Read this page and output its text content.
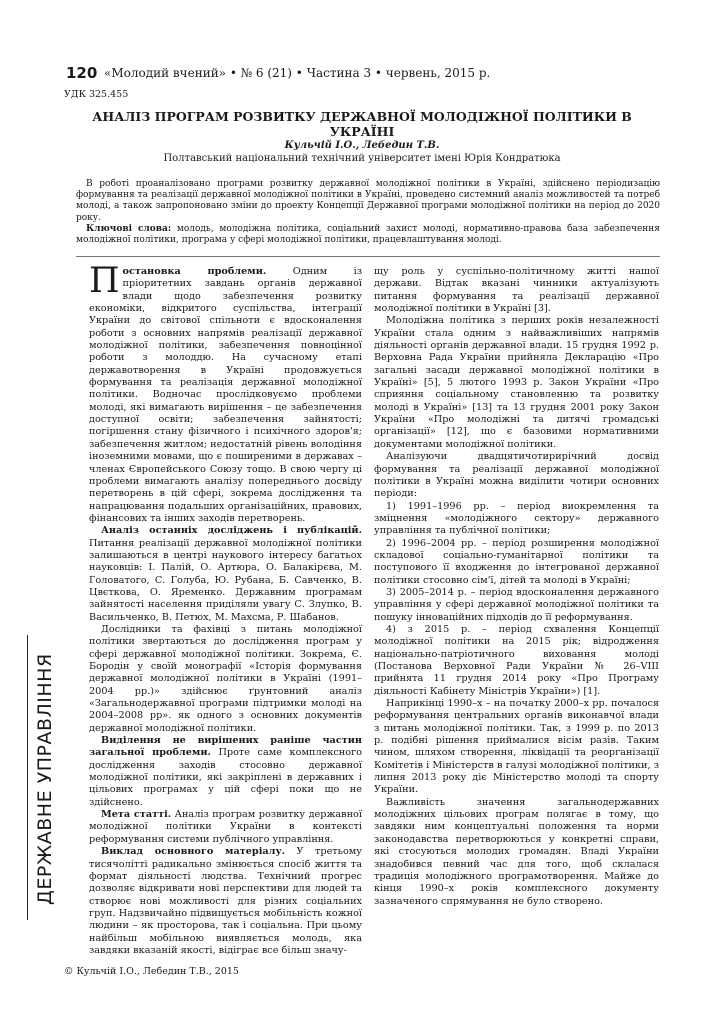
120 «Молодий вчений» • № 6 (21) • Частина 3 • червень, 2015 р.
УДК 325.455
АНАЛІЗ ПРОГРАМ РОЗВИТКУ ДЕРЖАВНОЇ МОЛОДІЖНОЇ ПОЛІТИКИ В УКРАЇНІ
Кульчій І.О., Лебедин Т.В.
Полтавський національний технічний університет імені Юрія Кондратюка
В роботі проаналізовано програми розвитку державної молодіжної політики в Україні, здійснено періодизацію формування та реалізації державної молодіжної політики в Україні, проведено системний аналіз можливостей та потреб молоді, а також запропоновано зміни до проекту Концепції Державної програми молодіжної політики на період до 2020 року.
Ключові слова: молодь, молодіжна політика, соціальний захист молоді, нормативно-правова база забезпечення молодіжної політики, програма у сфері молодіжної політики, працевлаштування молоді.

Постановка проблеми. Одним із пріоритетних завдань органів державної влади щодо забезпечення розвитку економіки, відкритого суспільства, інтеграції України до світової спільноти є вдосконалення роботи з основних напрямів реалізації державної молодіжної політики, забезпечення повноцінної роботи з молоддю. На сучасному етапі державотворення в Україні продовжується формування та реалізація державної молодіжної політики. Водночас прослідковуємо проблеми молоді, які вимагають вирішення – це забезпечення доступної освіти; забезпечення зайнятості; погіршення стану фізичного і психічного здоров'я; забезпечення житлом; недостатній рівень володіння іноземними мовами, що є поширеними в державах – членах Європейського Союзу тощо. В свою чергу ці проблеми вимагають аналізу попереднього досвіду перетворень в цій сфері, зокрема дослідження та напрацювання подальших організаційних, правових, фінансових та інших заходів перетворень.

Аналіз останніх досліджень і публікацій. Питання реалізації державної молодіжної політики залишаються в центрі наукового інтересу багатьох науковців: І. Палій, О. Артюра, О. Балакірєва, М. Головатого, С. Голуба, Ю. Рубана, Б. Савченко, В. Цвєткова, О. Яременко. Державним програмам зайнятості населення приділяли увагу С. Злупко, В. Васильченко, В. Петюх, М. Махсма, Р. Шабанов.

Дослідники та фахівці з питань молодіжної політики звертаються до дослідження програм у сфері державної молодіжної політики. Зокрема, Є. Бородін у своїй монографії «Історія формування державної молодіжної політики в Україні (1991–2004 рр.)» здійснює ґрунтовний аналіз «Загальнодержавної програми підтримки молоді на 2004–2008 рр». як одного з основних документів державної молодіжної політики.

Виділення не вирішених раніше частин загальної проблеми. Проте саме комплексного дослідження заходів стосовно державної молодіжної політики, які закріплені в державних і цільових програмах у цій сфері поки що не здійснено.

Мета статті. Аналіз програм розвитку державної молодіжної політики України в контексті реформування системи публічного управління.

Виклад основного матеріалу. У третьому тисячолітті радикально змінюється спосіб життя та формат діяльності людства. Технічний прогрес дозволяє відкривати нові перспективи для людей та створює нові можливості для різних соціальних груп. Надзвичайно підвищується мобільність кожної людини – як просторова, так і соціальна. При цьому найбільш мобільною виявляється молодь, яка завдяки вказаній якості, відіграє все більш значу-

щу роль у суспільно-політичному житті нашої держави. Відтак вказані чинники актуалізують питання формування та реалізації державної молодіжної політики в Україні [3].

Молодіжна політика з перших років незалежності України стала одним з найважливіших напрямів діяльності органів державної влади. 15 грудня 1992 р. Верховна Рада України прийняла Декларацію «Про загальні засади державної молодіжної політики в Україні» [5], 5 лютого 1993 р. Закон України «Про сприяння соціальному становленню та розвитку молоді в Україні» [13] та 13 грудня 2001 року Закон України «Про молодіжні та дитячі громадські організації» [12], що є базовими нормативними документами молодіжної політики.

Аналізуючи двадцятичотирирічний досвід формування та реалізації державної молодіжної політики в Україні можна виділити чотири основних періоди:

1) 1991–1996 рр. – період виокремлення та зміцнення «молодіжного сектору» державного управління та публічної політики;

2) 1996–2004 рр. – період розширення молодіжної складової соціально-гуманітарної політики та поступового її входження до інтегрованої державної політики стосовно сім'ї, дітей та молоді в Україні;

3) 2005–2014 р. – період вдосконалення державного управління у сфері державної молодіжної політики та пошуку інноваційних підходів до її реформування.

4) з 2015 р. – період схвалення Концепції молодіжної політики на 2015 рік; відродження національно-патріотичного виховання молоді (Постанова Верховної Ради України № 26–VIII прийнята 11 грудня 2014 року «Про Програму діяльності Кабінету Міністрів України») [1].

Наприкінці 1990–х – на початку 2000–х рр. почалося реформування центральних органів виконавчої влади з питань молодіжної політики. Так, з 1999 р. по 2013 р. подібні рішення приймалися вісім разів. Таким чином, шляхом створення, ліквідації та реорганізації Комітетів і Міністерств в галузі молодіжної політики, з липня 2013 року діє Міністерство молоді та спорту України.

Важливість значення загальнодержавних молодіжних цільових програм полягає в тому, що завдяки ним концептуальні положення та норми законодавства перетворюються у конкретні справи, які стосуються молодих громадян. Владі України знадобився певний час для того, щоб склалася традиція молодіжного програмотворення. Майже до кінця 1990–х років комплексного документу зазначеного спрямування не було створено.

ДЕРЖАВНЕ УПРАВЛІННЯ
© Кульчій І.О., Лебедин Т.В., 2015
